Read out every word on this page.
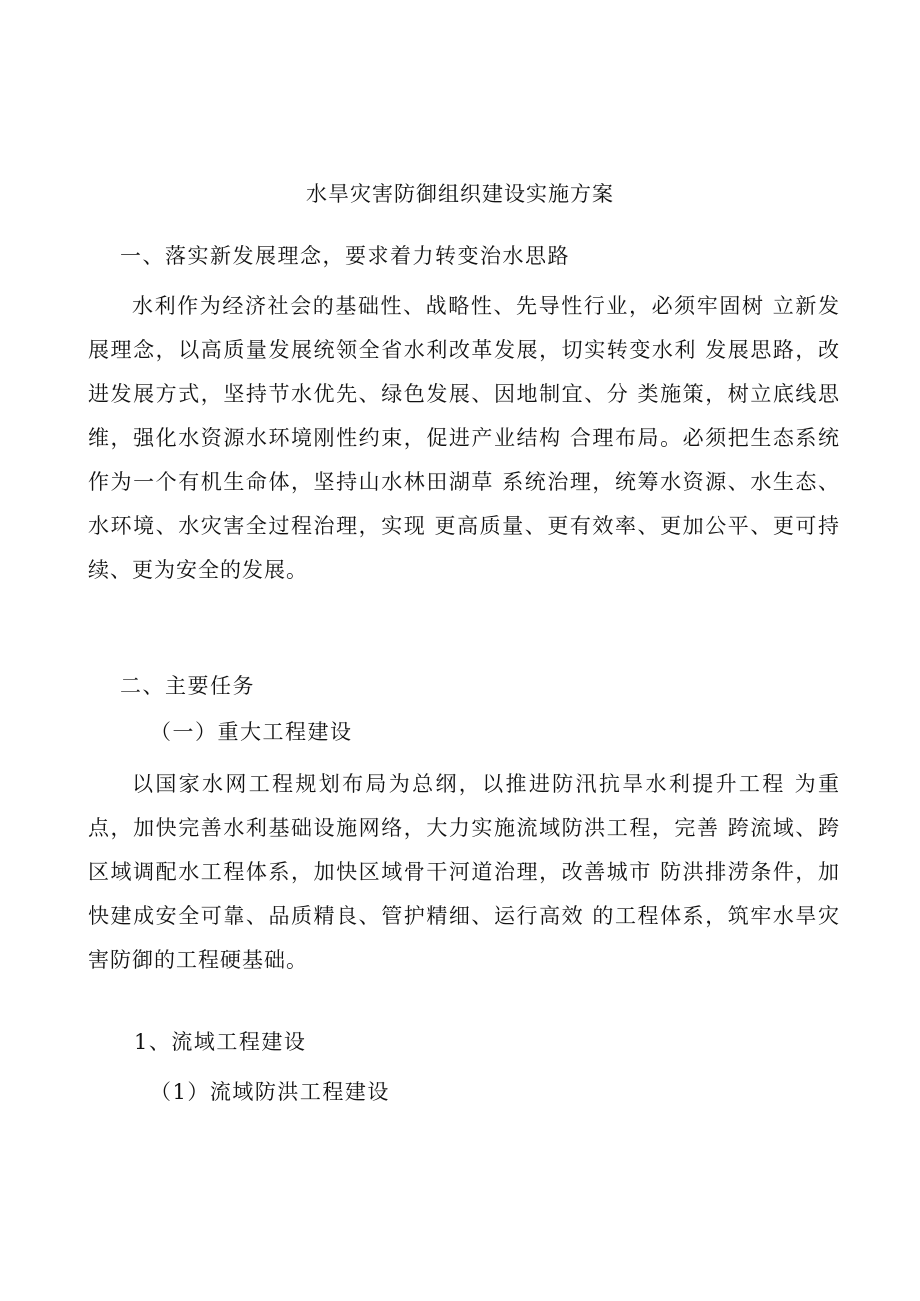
水旱灾害防御组织建设实施方案
一、落实新发展理念，要求着力转变治水思路

水利作为经济社会的基础性、战略性、先导性行业，必须牢固树 立新发展理念，以高质量发展统领全省水利改革发展，切实转变水利 发展思路，改进发展方式，坚持节水优先、绿色发展、因地制宜、分 类施策，树立底线思维，强化水资源水环境刚性约束，促进产业结构 合理布局。必须把生态系统作为一个有机生命体，坚持山水林田湖草 系统治理，统筹水资源、水生态、水环境、水灾害全过程治理，实现 更高质量、更有效率、更加公平、更可持续、更为安全的发展。

二、主要任务
（一）重大工程建设

以国家水网工程规划布局为总纲，以推进防汛抗旱水利提升工程 为重点，加快完善水利基础设施网络，大力实施流域防洪工程，完善 跨流域、跨区域调配水工程体系，加快区域骨干河道治理，改善城市 防洪排涝条件，加快建成安全可靠、品质精良、管护精细、运行高效 的工程体系，筑牢水旱灾害防御的工程硬基础。

1、流域工程建设
（1）流域防洪工程建设
